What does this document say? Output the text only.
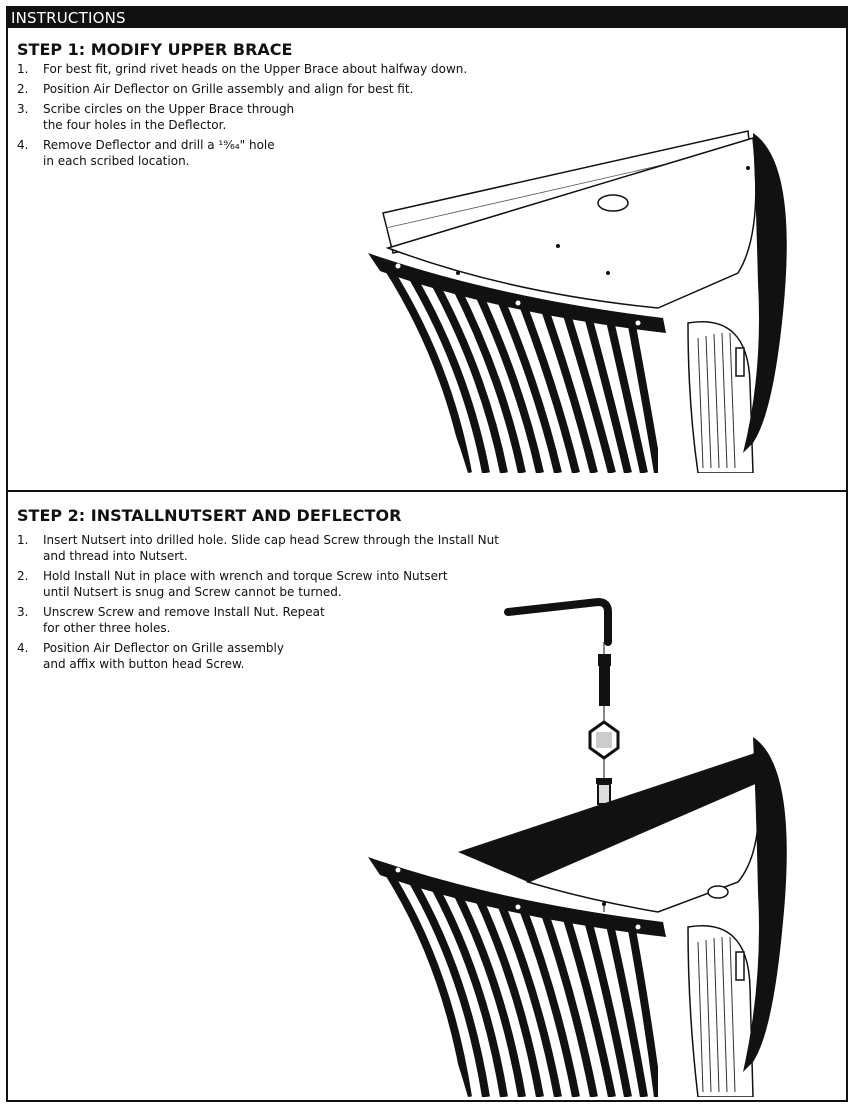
INSTRUCTIONS
STEP 1: MODIFY UPPER BRACE
1. For best fit, grind rivet heads on the Upper Brace about halfway down.
2. Position Air Deflector on Grille assembly and align for best fit.
3. Scribe circles on the Upper Brace through
the four holes in the Deflector.
4. Remove Deflector and drill a ¹⁹⁄₆₄" hole
in each scribed location.
STEP 2: INSTALLNUTSERT AND DEFLECTOR
1. Insert Nutsert into drilled hole. Slide cap head Screw through the Install Nut
and thread into Nutsert.
2. Hold Install Nut in place with wrench and torque Screw into Nutsert
until Nutsert is snug and Screw cannot be turned.
3. Unscrew Screw and remove Install Nut. Repeat
for other three holes.
4. Position Air Deflector on Grille assembly
and affix with button head Screw.
